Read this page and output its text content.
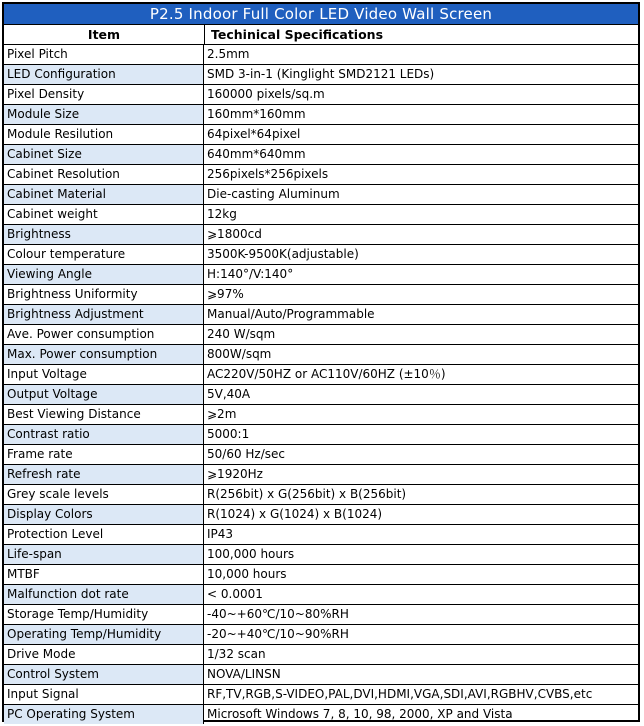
P2.5 Indoor Full Color LED Video Wall Screen
Item	Techinical Specifications
Pixel Pitch	2.5mm
LED Configuration	SMD 3-in-1 (Kinglight SMD2121 LEDs)
Pixel Density	160000 pixels/sq.m
Module Size	160mm*160mm
Module Resilution	64pixel*64pixel
Cabinet Size	640mm*640mm
Cabinet Resolution	256pixels*256pixels
Cabinet Material	Die-casting Aluminum
Cabinet weight	12kg
Brightness	⩾1800cd
Colour temperature	3500K-9500K(adjustable)
Viewing Angle	H:140°/V:140°
Brightness Uniformity	⩾97%
Brightness Adjustment	Manual/Auto/Programmable
Ave. Power consumption	240 W/sqm
Max. Power consumption	800W/sqm
Input Voltage	AC220V/50HZ or AC110V/60HZ (±10％)
Output Voltage	5V,40A
Best Viewing Distance	⩾2m
Contrast ratio	5000:1
Frame rate	50/60 Hz/sec
Refresh rate	⩾1920Hz
Grey scale levels	R(256bit) x G(256bit) x B(256bit)
Display Colors	R(1024) x G(1024) x B(1024)
Protection Level	IP43
Life-span	100,000 hours
MTBF	10,000 hours
Malfunction dot rate	< 0.0001
Storage Temp/Humidity	-40~+60℃/10~80%RH
Operating Temp/Humidity	-20~+40℃/10~90%RH
Drive Mode	1/32 scan
Control System	NOVA/LINSN
Input Signal	RF,TV,RGB,S-VIDEO,PAL,DVI,HDMI,VGA,SDI,AVI,RGBHV,CVBS,etc
PC Operating System	Microsoft Windows 7, 8, 10, 98, 2000, XP and Vista
